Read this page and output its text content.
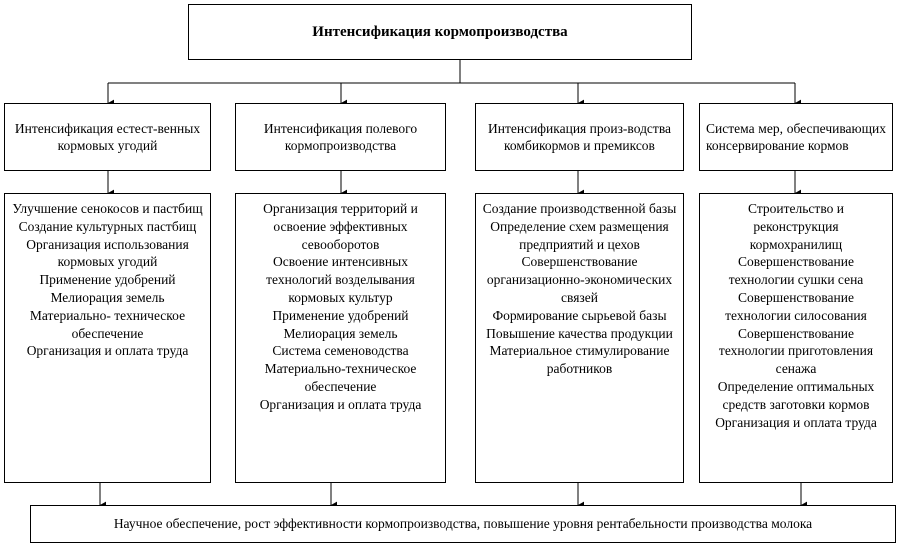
Интенсификация кормопроизводства
Интенсификация естест-венных кормовых угодий
Интенсификация полевого кормопроизводства
Интенсификация произ-водства комбикормов и премиксов
Система мер, обеспечивающих консервирование кормов
Улучшение сенокосов и пастбищ
Создание культурных пастбищ
Организация использования кормовых угодий
Применение удобрений
Мелиорация земель
Материально- техническое обеспечение
Организация и оплата труда
Организация территорий и освоение эффективных севооборотов
Освоение интенсивных технологий возделывания кормовых культур
Применение удобрений
Мелиорация земель
Система семеноводства
Материально-техническое обеспечение
Организация и оплата труда
Создание производственной базы
Определение схем размещения предприятий и цехов
Совершенствование организационно-экономических связей
Формирование сырьевой базы
Повышение качества продукции
Материальное стимулирование работников
Строительство и реконструкция кормохранилищ
Совершенствование технологии сушки сена
Совершенствование технологии силосования
Совершенствование технологии приготовления сенажа
Определение оптимальных средств заготовки кормов
Организация и оплата труда
Научное обеспечение, рост эффективности кормопроизводства, повышение уровня рентабельности производства молока
